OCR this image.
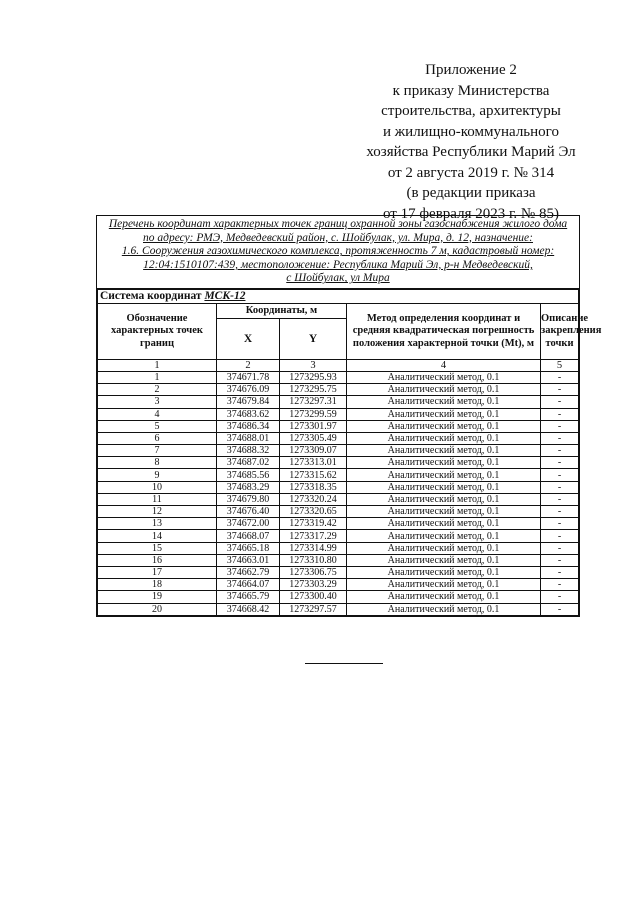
Приложение 2
к приказу Министерства
строительства, архитектуры
и жилищно-коммунального
хозяйства Республики Марий Эл
от 2 августа 2019 г. № 314
(в редакции приказа
от 17 февраля 2023 г. № 85)
Перечень координат характерных точек границ охранной зоны газоснабжения жилого дома
по адресу: РМЭ, Медведевский район, с. Шойбулак, ул. Мира, д. 12, назначение:
1.6. Сооружения газохимического комплекса, протяженность 7 м, кадастровый номер:
12:04:1510107:439, местоположение: Республика Марий Эл, р-н Медведевский,
с Шойбулак, ул Мира
Система координат МСК-12				
Обозначение характерных точек границ	Координаты, м		Метод определения координат и средняя квадратическая погрешность положения характерной точки (Mt), м	Описание закрепления точки
	X	Y		
1	2	3	4	5
1	374671.78	1273295.93	Аналитический метод, 0.1	-
2	374676.09	1273295.75	Аналитический метод, 0.1	-
3	374679.84	1273297.31	Аналитический метод, 0.1	-
4	374683.62	1273299.59	Аналитический метод, 0.1	-
5	374686.34	1273301.97	Аналитический метод, 0.1	-
6	374688.01	1273305.49	Аналитический метод, 0.1	-
7	374688.32	1273309.07	Аналитический метод, 0.1	-
8	374687.02	1273313.01	Аналитический метод, 0.1	-
9	374685.56	1273315.62	Аналитический метод, 0.1	-
10	374683.29	1273318.35	Аналитический метод, 0.1	-
11	374679.80	1273320.24	Аналитический метод, 0.1	-
12	374676.40	1273320.65	Аналитический метод, 0.1	-
13	374672.00	1273319.42	Аналитический метод, 0.1	-
14	374668.07	1273317.29	Аналитический метод, 0.1	-
15	374665.18	1273314.99	Аналитический метод, 0.1	-
16	374663.01	1273310.80	Аналитический метод, 0.1	-
17	374662.79	1273306.75	Аналитический метод, 0.1	-
18	374664.07	1273303.29	Аналитический метод, 0.1	-
19	374665.79	1273300.40	Аналитический метод, 0.1	-
20	374668.42	1273297.57	Аналитический метод, 0.1	-
